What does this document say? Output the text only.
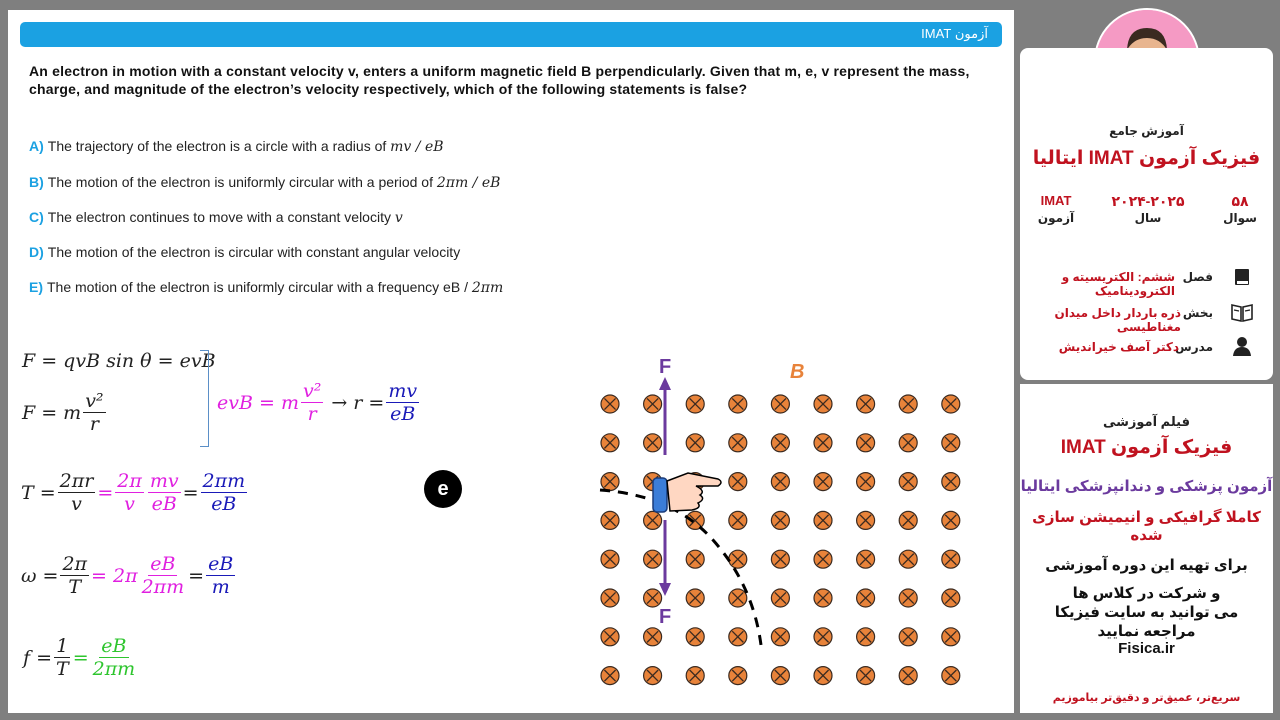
آزمون IMAT
An electron in motion with a constant velocity v, enters a uniform magnetic field B perpendicularly. Given that m, e, v represent the mass, charge, and magnitude of the electron’s velocity respectively, which of the following statements is false?
A) The trajectory of the electron is a circle with a radius of mv / eB
B) The motion of the electron is uniformly circular with a period of 2πm / eB
C) The electron continues to move with a constant velocity v
D) The motion of the electron is circular with constant angular velocity
E) The motion of the electron is uniformly circular with a frequency eB / 2πm
F = qvB sin θ = evB
F = m $\frac{\text{v²}}{r}$	evB = m $\frac{\text{v²}}{r} \to r = \frac{mv}{eB}$
$T = \frac{2\pi r}{v} = \frac{2\pi}{v} \frac{mv}{eB} = \frac{2\pi m}{eB}$
$\omega = \frac{2\pi}{T} = 2\pi \frac{eB}{2\pi m} = \frac{eB}{m}$
$f = \frac{1}{T} = \frac{eB}{2\pi m}$
e
F
F
B
آموزش جامع
فیزیک آزمون IMAT ایتالیا
۵۸
سوال
۲۰۲۴-۲۰۲۵
سال
IMAT
آزمون
فصل
ششم: الکتریسیته و الکترودینامیک
بخش
ذره باردار داخل میدان مغناطیسی
مدرس
دکتر آصف خیراندیش
فیلم آموزشی
فیزیک آزمون IMAT
آزمون پزشکی و دندانپزشکی ایتالیا
کاملا گرافیکی و انیمیشن سازی شده
برای تهیه این دوره آموزشی
و شرکت در کلاس ها
می توانید به سایت فیزیکا
مراجعه نمایید
Fisica.ir
سریع‌تر، عمیق‌تر و دقیق‌تر بیاموزیم
